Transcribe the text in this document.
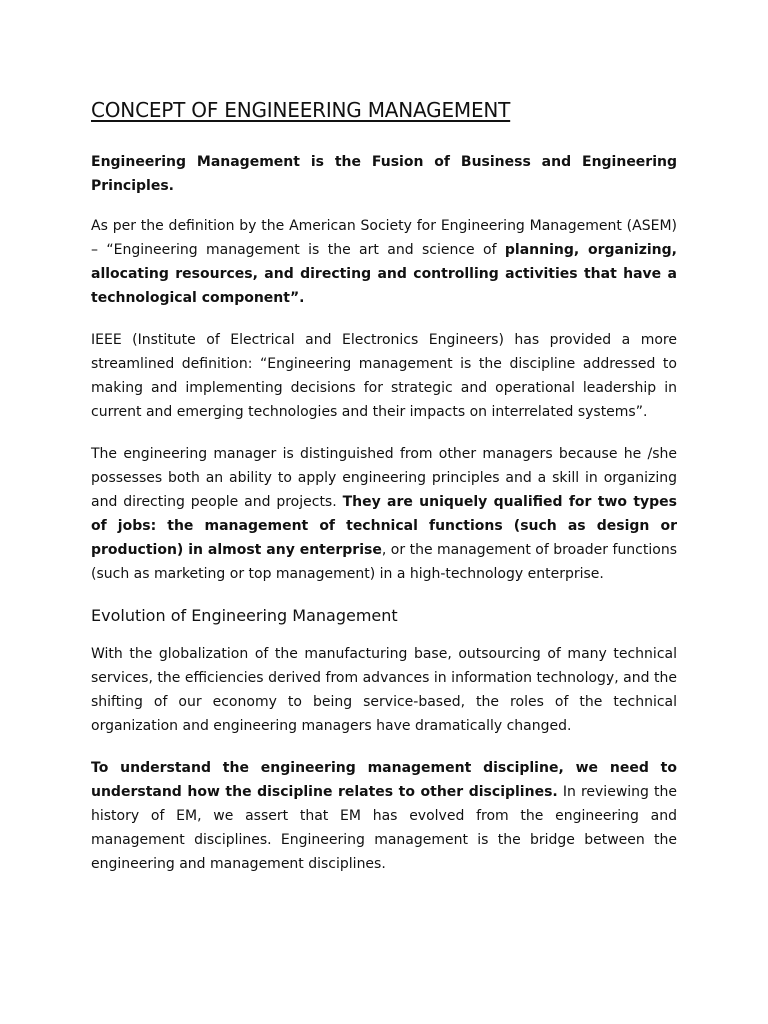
CONCEPT OF ENGINEERING MANAGEMENT

Engineering Management is the Fusion of Business and Engineering Principles.

As per the definition by the American Society for Engineering Management (ASEM) – “Engineering management is the art and science of planning, organizing, allocating resources, and directing and controlling activities that have a technological component”.

IEEE (Institute of Electrical and Electronics Engineers) has provided a more streamlined definition: “Engineering management is the discipline addressed to making and implementing decisions for strategic and operational leadership in current and emerging technologies and their impacts on interrelated systems”.

The engineering manager is distinguished from other managers because he /she possesses both an ability to apply engineering principles and a skill in organizing and directing people and projects. They are uniquely qualified for two types of jobs: the management of technical functions (such as design or production) in almost any enterprise, or the management of broader functions (such as marketing or top management) in a high-technology enterprise.

Evolution of Engineering Management

With the globalization of the manufacturing base, outsourcing of many technical services, the efficiencies derived from advances in information technology, and the shifting of our economy to being service-based, the roles of the technical organization and engineering managers have dramatically changed.

To understand the engineering management discipline, we need to understand how the discipline relates to other disciplines. In reviewing the history of EM, we assert that EM has evolved from the engineering and management disciplines. Engineering management is the bridge between the engineering and management disciplines.
